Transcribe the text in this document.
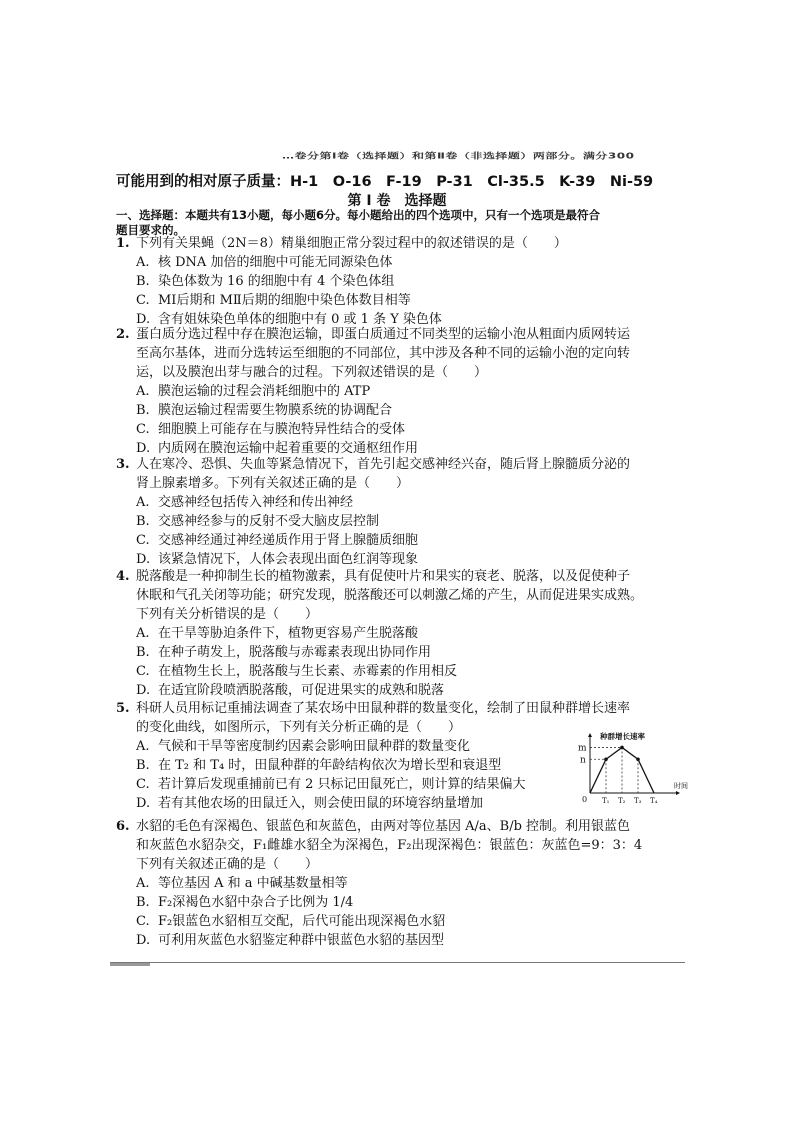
…卷分第Ⅰ卷（选择题）和第Ⅱ卷（非选择题）两部分。满分300
可能用到的相对原子质量：H-1　O-16　F-19　P-31　Cl-35.5　K-39　Ni-59
第 Ⅰ 卷　选择题
一、选择题：本题共有13小题，每小题6分。每小题给出的四个选项中，只有一个选项是最符合
题目要求的。
1. 下列有关果蝇（2N＝8）精巢细胞正常分裂过程中的叙述错误的是（　　）
A. 核 DNA 加倍的细胞中可能无同源染色体
B. 染色体数为 16 的细胞中有 4 个染色体组
C. MⅠ后期和 MⅡ后期的细胞中染色体数目相等
D. 含有姐妹染色单体的细胞中有 0 或 1 条 Y 染色体
2. 蛋白质分选过程中存在膜泡运输，即蛋白质通过不同类型的运输小泡从粗面内质网转运
至高尔基体，进而分选转运至细胞的不同部位，其中涉及各种不同的运输小泡的定向转
运，以及膜泡出芽与融合的过程。下列叙述错误的是（　　）
A. 膜泡运输的过程会消耗细胞中的 ATP
B. 膜泡运输过程需要生物膜系统的协调配合
C. 细胞膜上可能存在与膜泡特异性结合的受体
D. 内质网在膜泡运输中起着重要的交通枢纽作用
3. 人在寒冷、恐惧、失血等紧急情况下，首先引起交感神经兴奋，随后肾上腺髓质分泌的
肾上腺素增多。下列有关叙述正确的是（　　）
A. 交感神经包括传入神经和传出神经
B. 交感神经参与的反射不受大脑皮层控制
C. 交感神经通过神经递质作用于肾上腺髓质细胞
D. 该紧急情况下，人体会表现出面色红润等现象
4. 脱落酸是一种抑制生长的植物激素，具有促使叶片和果实的衰老、脱落，以及促使种子
休眠和气孔关闭等功能；研究发现，脱落酸还可以刺激乙烯的产生，从而促进果实成熟。
下列有关分析错误的是（　　）
A. 在干旱等胁迫条件下，植物更容易产生脱落酸
B. 在种子萌发上，脱落酸与赤霉素表现出协同作用
C. 在植物生长上，脱落酸与生长素、赤霉素的作用相反
D. 在适宜阶段喷洒脱落酸，可促进果实的成熟和脱落
5. 科研人员用标记重捕法调查了某农场中田鼠种群的数量变化，绘制了田鼠种群增长速率
的变化曲线，如图所示，下列有关分析正确的是（　　）
A. 气候和干旱等密度制约因素会影响田鼠种群的数量变化
B. 在 T₂ 和 T₄ 时，田鼠种群的年龄结构依次为增长型和衰退型
C. 若计算后发现重捕前已有 2 只标记田鼠死亡，则计算的结果偏大
D. 若有其他农场的田鼠迁入，则会使田鼠的环境容纳量增加
种群增长速率
m
n
0 T₁ T₂ T₃ T₄
时间
6. 水貂的毛色有深褐色、银蓝色和灰蓝色，由两对等位基因 A/a、B/b 控制。利用银蓝色
和灰蓝色水貂杂交，F₁雌雄水貂全为深褐色，F₂出现深褐色：银蓝色：灰蓝色=9：3：4
下列有关叙述正确的是（　　）
A. 等位基因 A 和 a 中碱基数量相等
B. F₂深褐色水貂中杂合子比例为 1/4
C. F₂银蓝色水貂相互交配，后代可能出现深褐色水貂
D. 可利用灰蓝色水貂鉴定种群中银蓝色水貂的基因型
